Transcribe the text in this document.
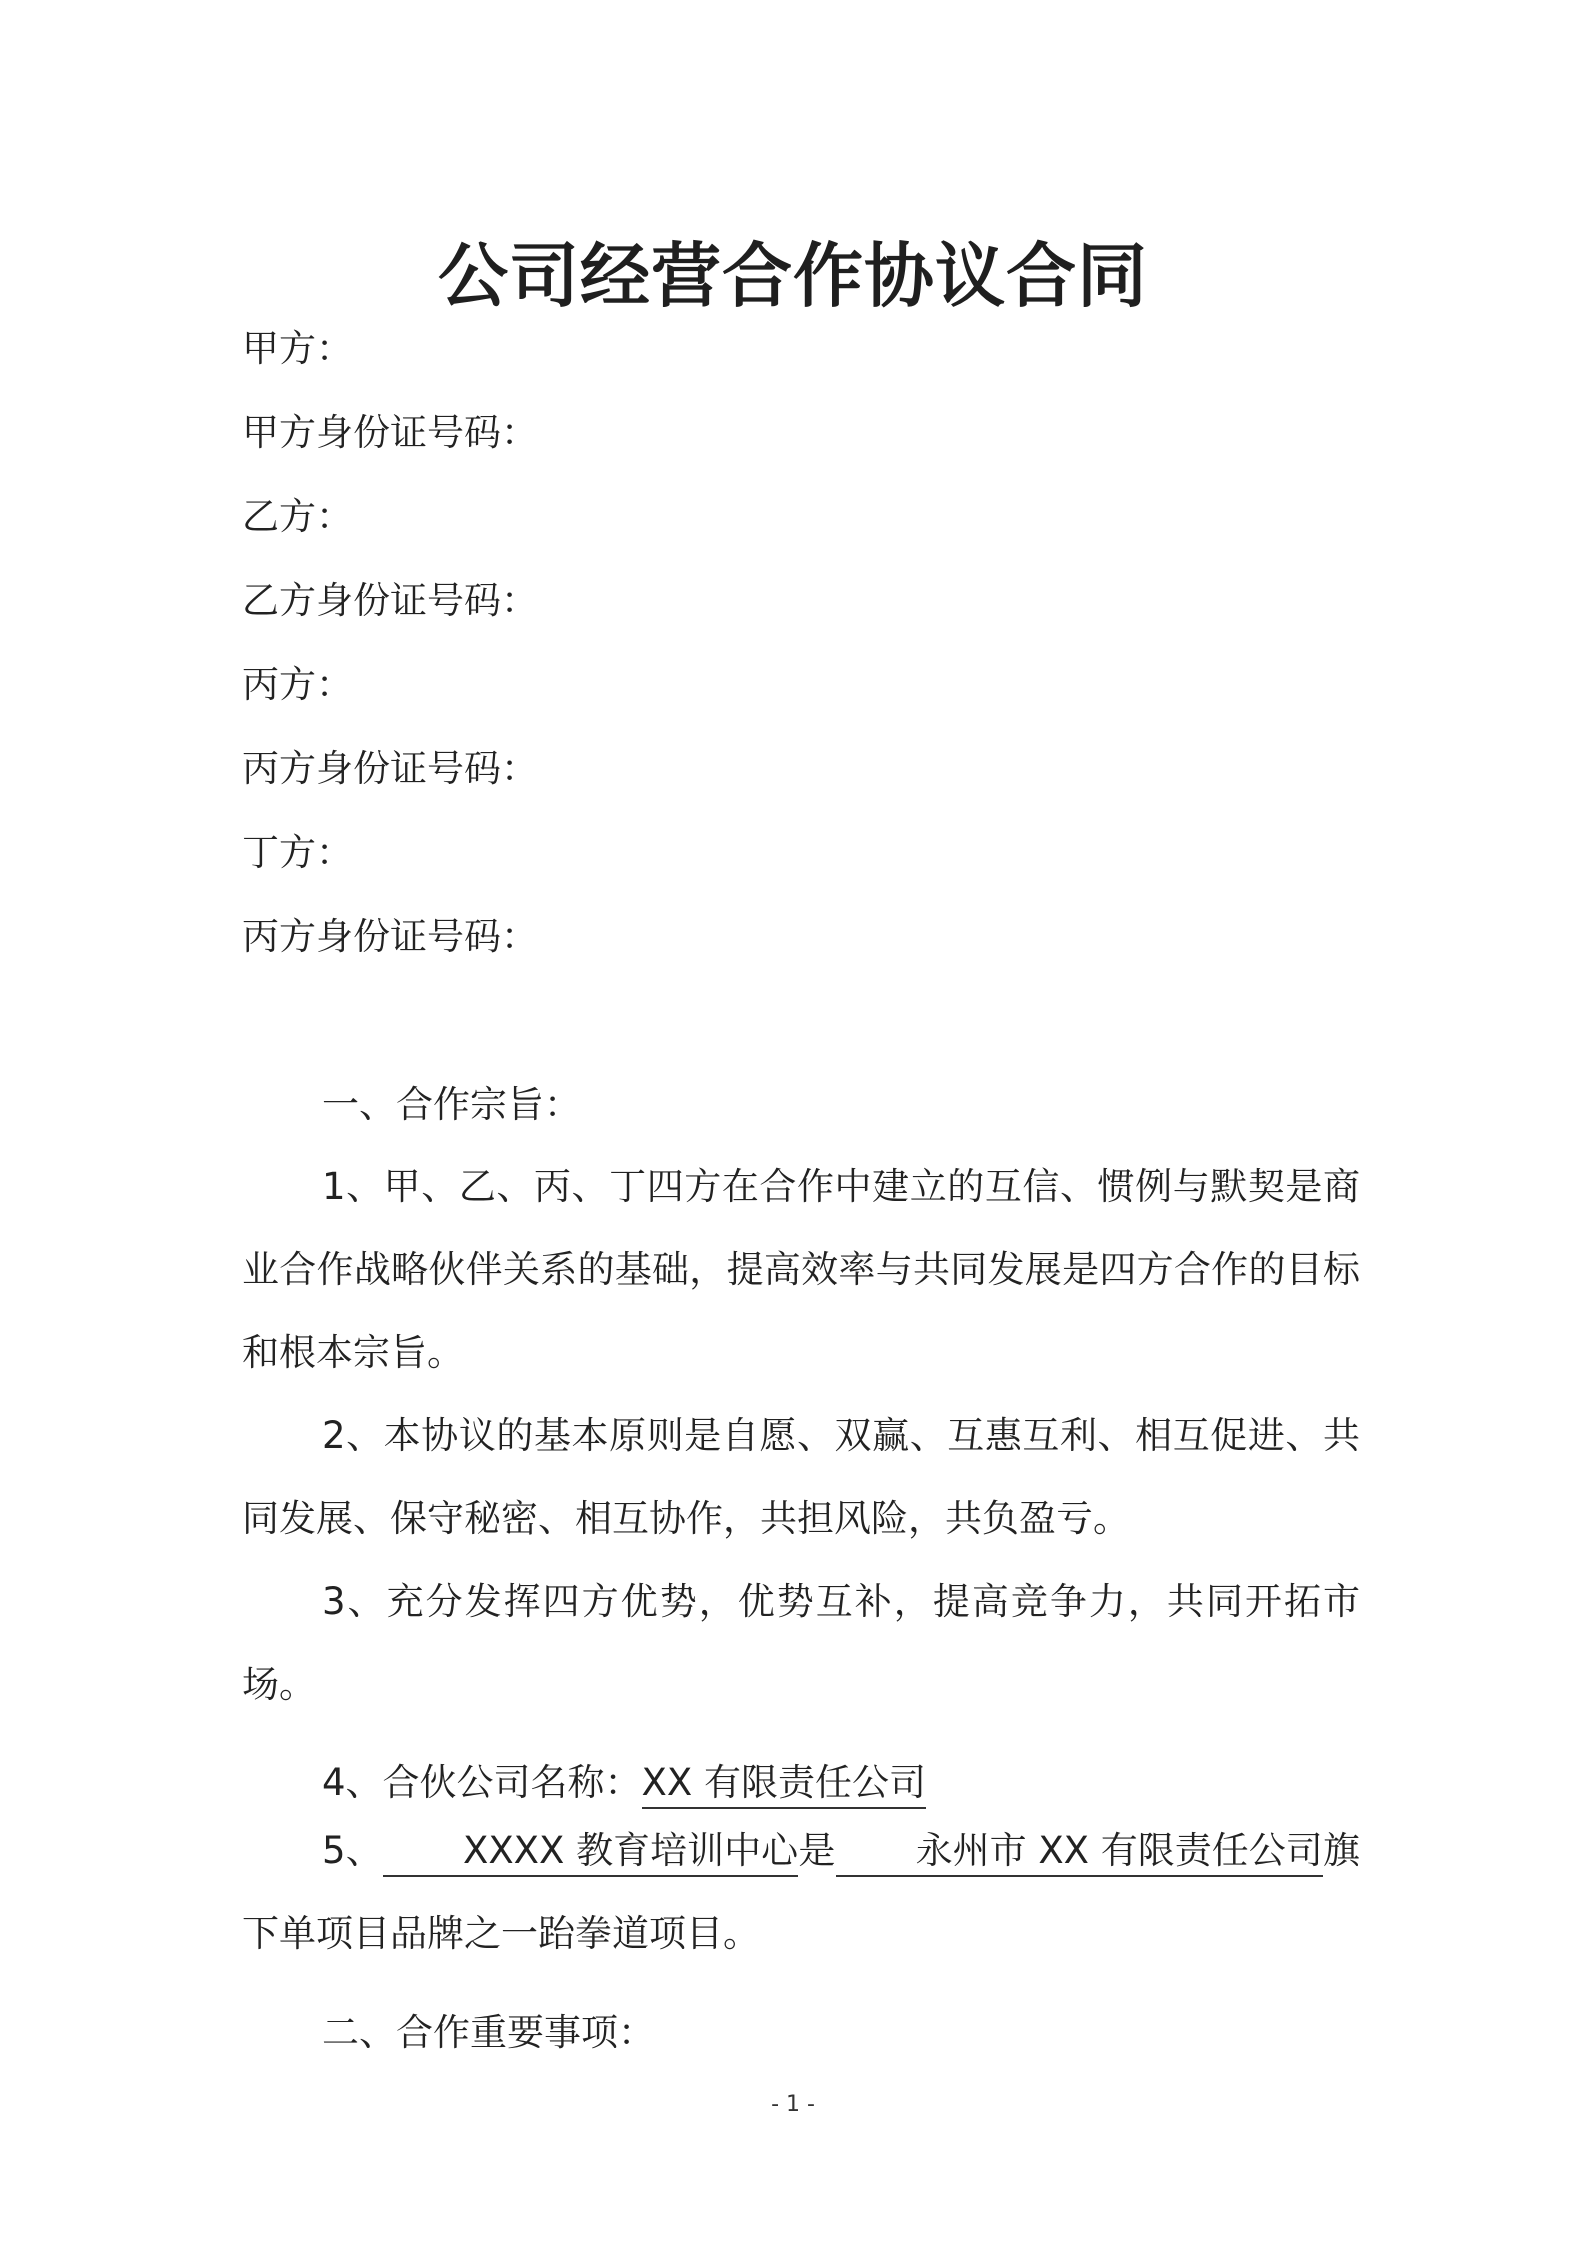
公司经营合作协议合同
甲方：
甲方身份证号码：
乙方：
乙方身份证号码：
丙方：
丙方身份证号码：
丁方：
丙方身份证号码：
一、合作宗旨：
1、甲、乙、丙、丁四方在合作中建立的互信、惯例与默契是商业合作战略伙伴关系的基础，提高效率与共同发展是四方合作的目标和根本宗旨。
2、本协议的基本原则是自愿、双赢、互惠互利、相互促进、共同发展、保守秘密、相互协作，共担风险，共负盈亏。
3、充分发挥四方优势，优势互补，提高竞争力，共同开拓市场。
4、合伙公司名称：XX 有限责任公司
5、 XXXX 教育培训中心是 永州市 XX 有限责任公司旗下单项目品牌之一跆拳道项目。
二、合作重要事项：
- 1 -
